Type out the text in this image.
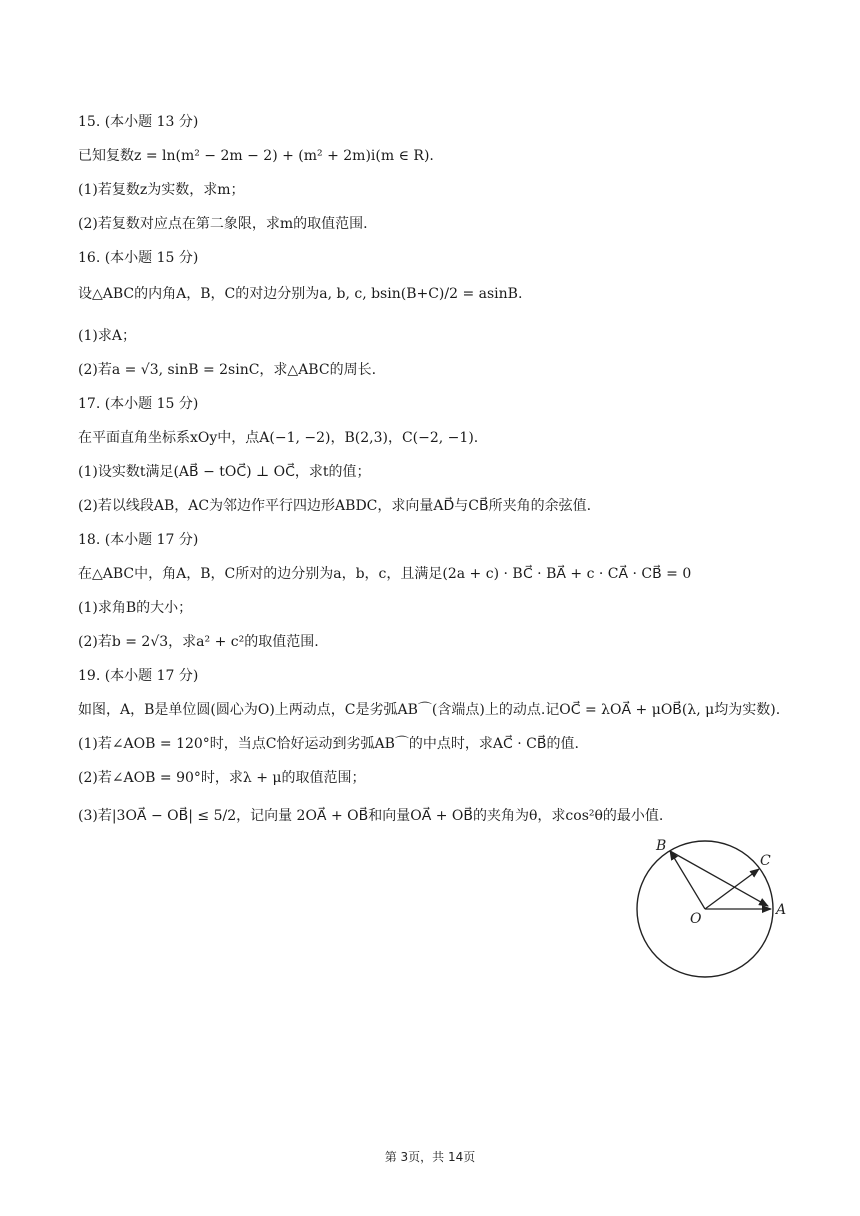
15. (本小题 13 分)
已知复数z = ln(m² − 2m − 2) + (m² + 2m)i(m ∈ R).
(1)若复数z为实数，求m；
(2)若复数对应点在第二象限，求m的取值范围.
16. (本小题 15 分)
设△ABC的内角A，B，C的对边分别为a, b, c, bsin(B+C)/2 = asinB.
(1)求A；
(2)若a = √3, sinB = 2sinC，求△ABC的周长.
17. (本小题 15 分)
在平面直角坐标系xOy中，点A(−1, −2)，B(2,3)，C(−2, −1).
(1)设实数t满足(AB⃗ − tOC⃗) ⊥ OC⃗，求t的值；
(2)若以线段AB，AC为邻边作平行四边形ABDC，求向量AD⃗与CB⃗所夹角的余弦值.
18. (本小题 17 分)
在△ABC中，角A，B，C所对的边分别为a，b，c，且满足(2a + c) · BC⃗ · BA⃗ + c · CA⃗ · CB⃗ = 0
(1)求角B的大小；
(2)若b = 2√3，求a² + c²的取值范围.
19. (本小题 17 分)
如图，A，B是单位圆(圆心为O)上两动点，C是劣弧AB⌒(含端点)上的动点.记OC⃗ = λOA⃗ + μOB⃗(λ, μ均为实数).
(1)若∠AOB = 120°时，当点C恰好运动到劣弧AB⌒的中点时，求AC⃗ · CB⃗的值.
(2)若∠AOB = 90°时，求λ + μ的取值范围；
(3)若|3OA⃗ − OB⃗| ≤ 5/2，记向量 2OA⃗ + OB⃗和向量OA⃗ + OB⃗的夹角为θ，求cos²θ的最小值.
B
C
A
O
第 3页，共 14页
